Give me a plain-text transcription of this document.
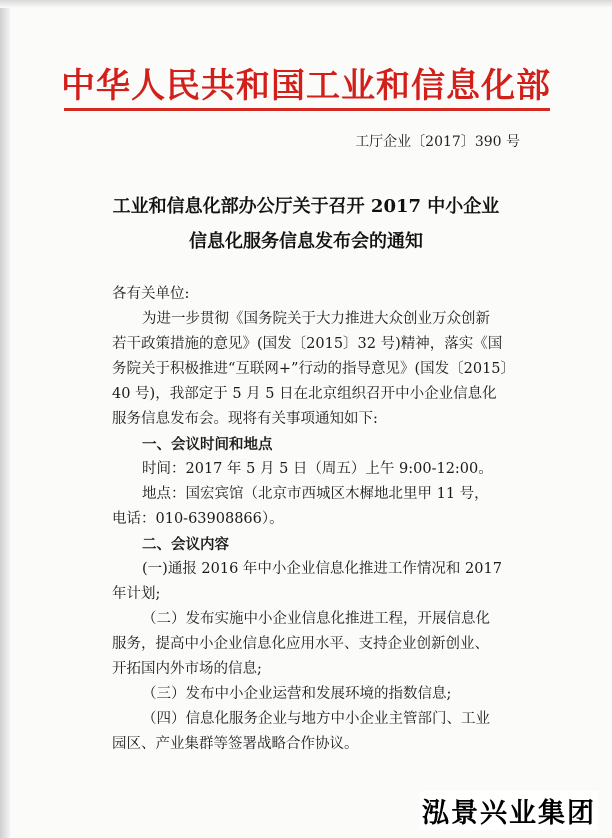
中华人民共和国工业和信息化部
工厅企业〔2017〕390 号
工业和信息化部办公厅关于召开 2017 中小企业
信息化服务信息发布会的通知
各有关单位:
为进一步贯彻《国务院关于大力推进大众创业万众创新
若干政策措施的意见》(国发〔2015〕32 号)精神，落实《国
务院关于积极推进“互联网+”行动的指导意见》(国发〔2015〕
40 号)，我部定于 5 月 5 日在北京组织召开中小企业信息化
服务信息发布会。现将有关事项通知如下:
一、会议时间和地点
时间：2017 年 5 月 5 日（周五）上午 9:00-12:00。
地点：国宏宾馆（北京市西城区木樨地北里甲 11 号，
电话：010-63908866）。
二、会议内容
(一)通报 2016 年中小企业信息化推进工作情况和 2017
年计划;
（二）发布实施中小企业信息化推进工程，开展信息化
服务，提高中小企业信息化应用水平、支持企业创新创业、
开拓国内外市场的信息;
（三）发布中小企业运营和发展环境的指数信息;
（四）信息化服务企业与地方中小企业主管部门、工业
园区、产业集群等签署战略合作协议。
泓景兴业集团
